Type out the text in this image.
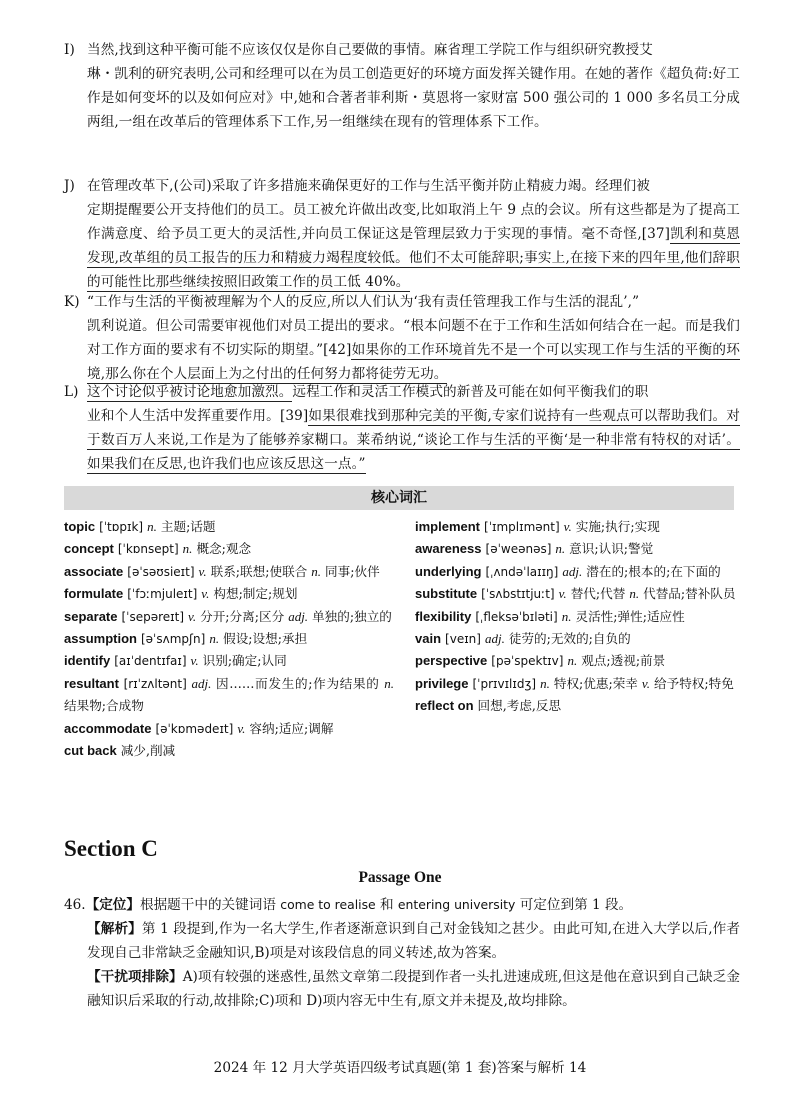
I) 当然,找到这种平衡可能不应该仅仅是你自己要做的事情。麻省理工学院工作与组织研究教授艾
琳・凯利的研究表明,公司和经理可以在为员工创造更好的环境方面发挥关键作用。在她的著作《超负荷:好工作是如何变坏的以及如何应对》中,她和合著者菲利斯・莫恩将一家财富 500 强公司的 1 000 多名员工分成两组,一组在改革后的管理体系下工作,另一组继续在现有的管理体系下工作。
J) 在管理改革下,(公司)采取了许多措施来确保更好的工作与生活平衡并防止精疲力竭。经理们被
定期提醒要公开支持他们的员工。员工被允许做出改变,比如取消上午 9 点的会议。所有这些都是为了提高工作满意度、给予员工更大的灵活性,并向员工保证这是管理层致力于实现的事情。毫不奇怪,[37]凯利和莫恩发现,改革组的员工报告的压力和精疲力竭程度较低。他们不太可能辞职;事实上,在接下来的四年里,他们辞职的可能性比那些继续按照旧政策工作的员工低 40%。
K) “工作与生活的平衡被理解为个人的反应,所以人们认为‘我有责任管理我工作与生活的混乱’,”
凯利说道。但公司需要审视他们对员工提出的要求。“根本问题不在于工作和生活如何结合在一起。而是我们对工作方面的要求有不切实际的期望。”[42]如果你的工作环境首先不是一个可以实现工作与生活的平衡的环境,那么你在个人层面上为之付出的任何努力都将徒劳无功。
L) 这个讨论似乎被讨论地愈加激烈。远程工作和灵活工作模式的新普及可能在如何平衡我们的职
业和个人生活中发挥重要作用。[39]如果很难找到那种完美的平衡,专家们说持有一些观点可以帮助我们。对于数百万人来说,工作是为了能够养家糊口。莱希纳说,“谈论工作与生活的平衡‘是一种非常有特权的对话’。如果我们在反思,也许我们也应该反思这一点。”
核心词汇
topic [ˈtɒpɪk] n. 主题;话题
concept [ˈkɒnsept] n. 概念;观念
associate [əˈsəʊsieɪt] v. 联系;联想;使联合 n. 同事;伙伴
formulate [ˈfɔːmjuleɪt] v. 构想;制定;规划
separate [ˈsepəreɪt] v. 分开;分离;区分 adj. 单独的;独立的
assumption [əˈsʌmpʃn] n. 假设;设想;承担
identify [aɪˈdentɪfaɪ] v. 识别;确定;认同
resultant [rɪˈzʌltənt] adj. 因……而发生的;作为结果的 n. 结果物;合成物
accommodate [əˈkɒmədeɪt] v. 容纳;适应;调解
cut back 减少,削减
implement [ˈɪmplɪmənt] v. 实施;执行;实现
awareness [əˈweənəs] n. 意识;认识;警觉
underlying [ˌʌndəˈlaɪɪŋ] adj. 潜在的;根本的;在下面的
substitute [ˈsʌbstɪtjuːt] v. 替代;代替 n. 代替品;替补队员
flexibility [ˌfleksəˈbɪləti] n. 灵活性;弹性;适应性
vain [veɪn] adj. 徒劳的;无效的;自负的
perspective [pəˈspektɪv] n. 观点;透视;前景
privilege [ˈprɪvɪlɪdʒ] n. 特权;优惠;荣幸 v. 给予特权;特免
reflect on 回想,考虑,反思
Section C
Passage One
46.【定位】根据题干中的关键词语 come to realise 和 entering university 可定位到第 1 段。
【解析】第 1 段提到,作为一名大学生,作者逐渐意识到自己对金钱知之甚少。由此可知,在进入大学以后,作者发现自己非常缺乏金融知识,B)项是对该段信息的同义转述,故为答案。
【干扰项排除】A)项有较强的迷惑性,虽然文章第二段提到作者一头扎进速成班,但这是他在意识到自己缺乏金融知识后采取的行动,故排除;C)项和 D)项内容无中生有,原文并未提及,故均排除。
2024 年 12 月大学英语四级考试真题(第 1 套)答案与解析 14
